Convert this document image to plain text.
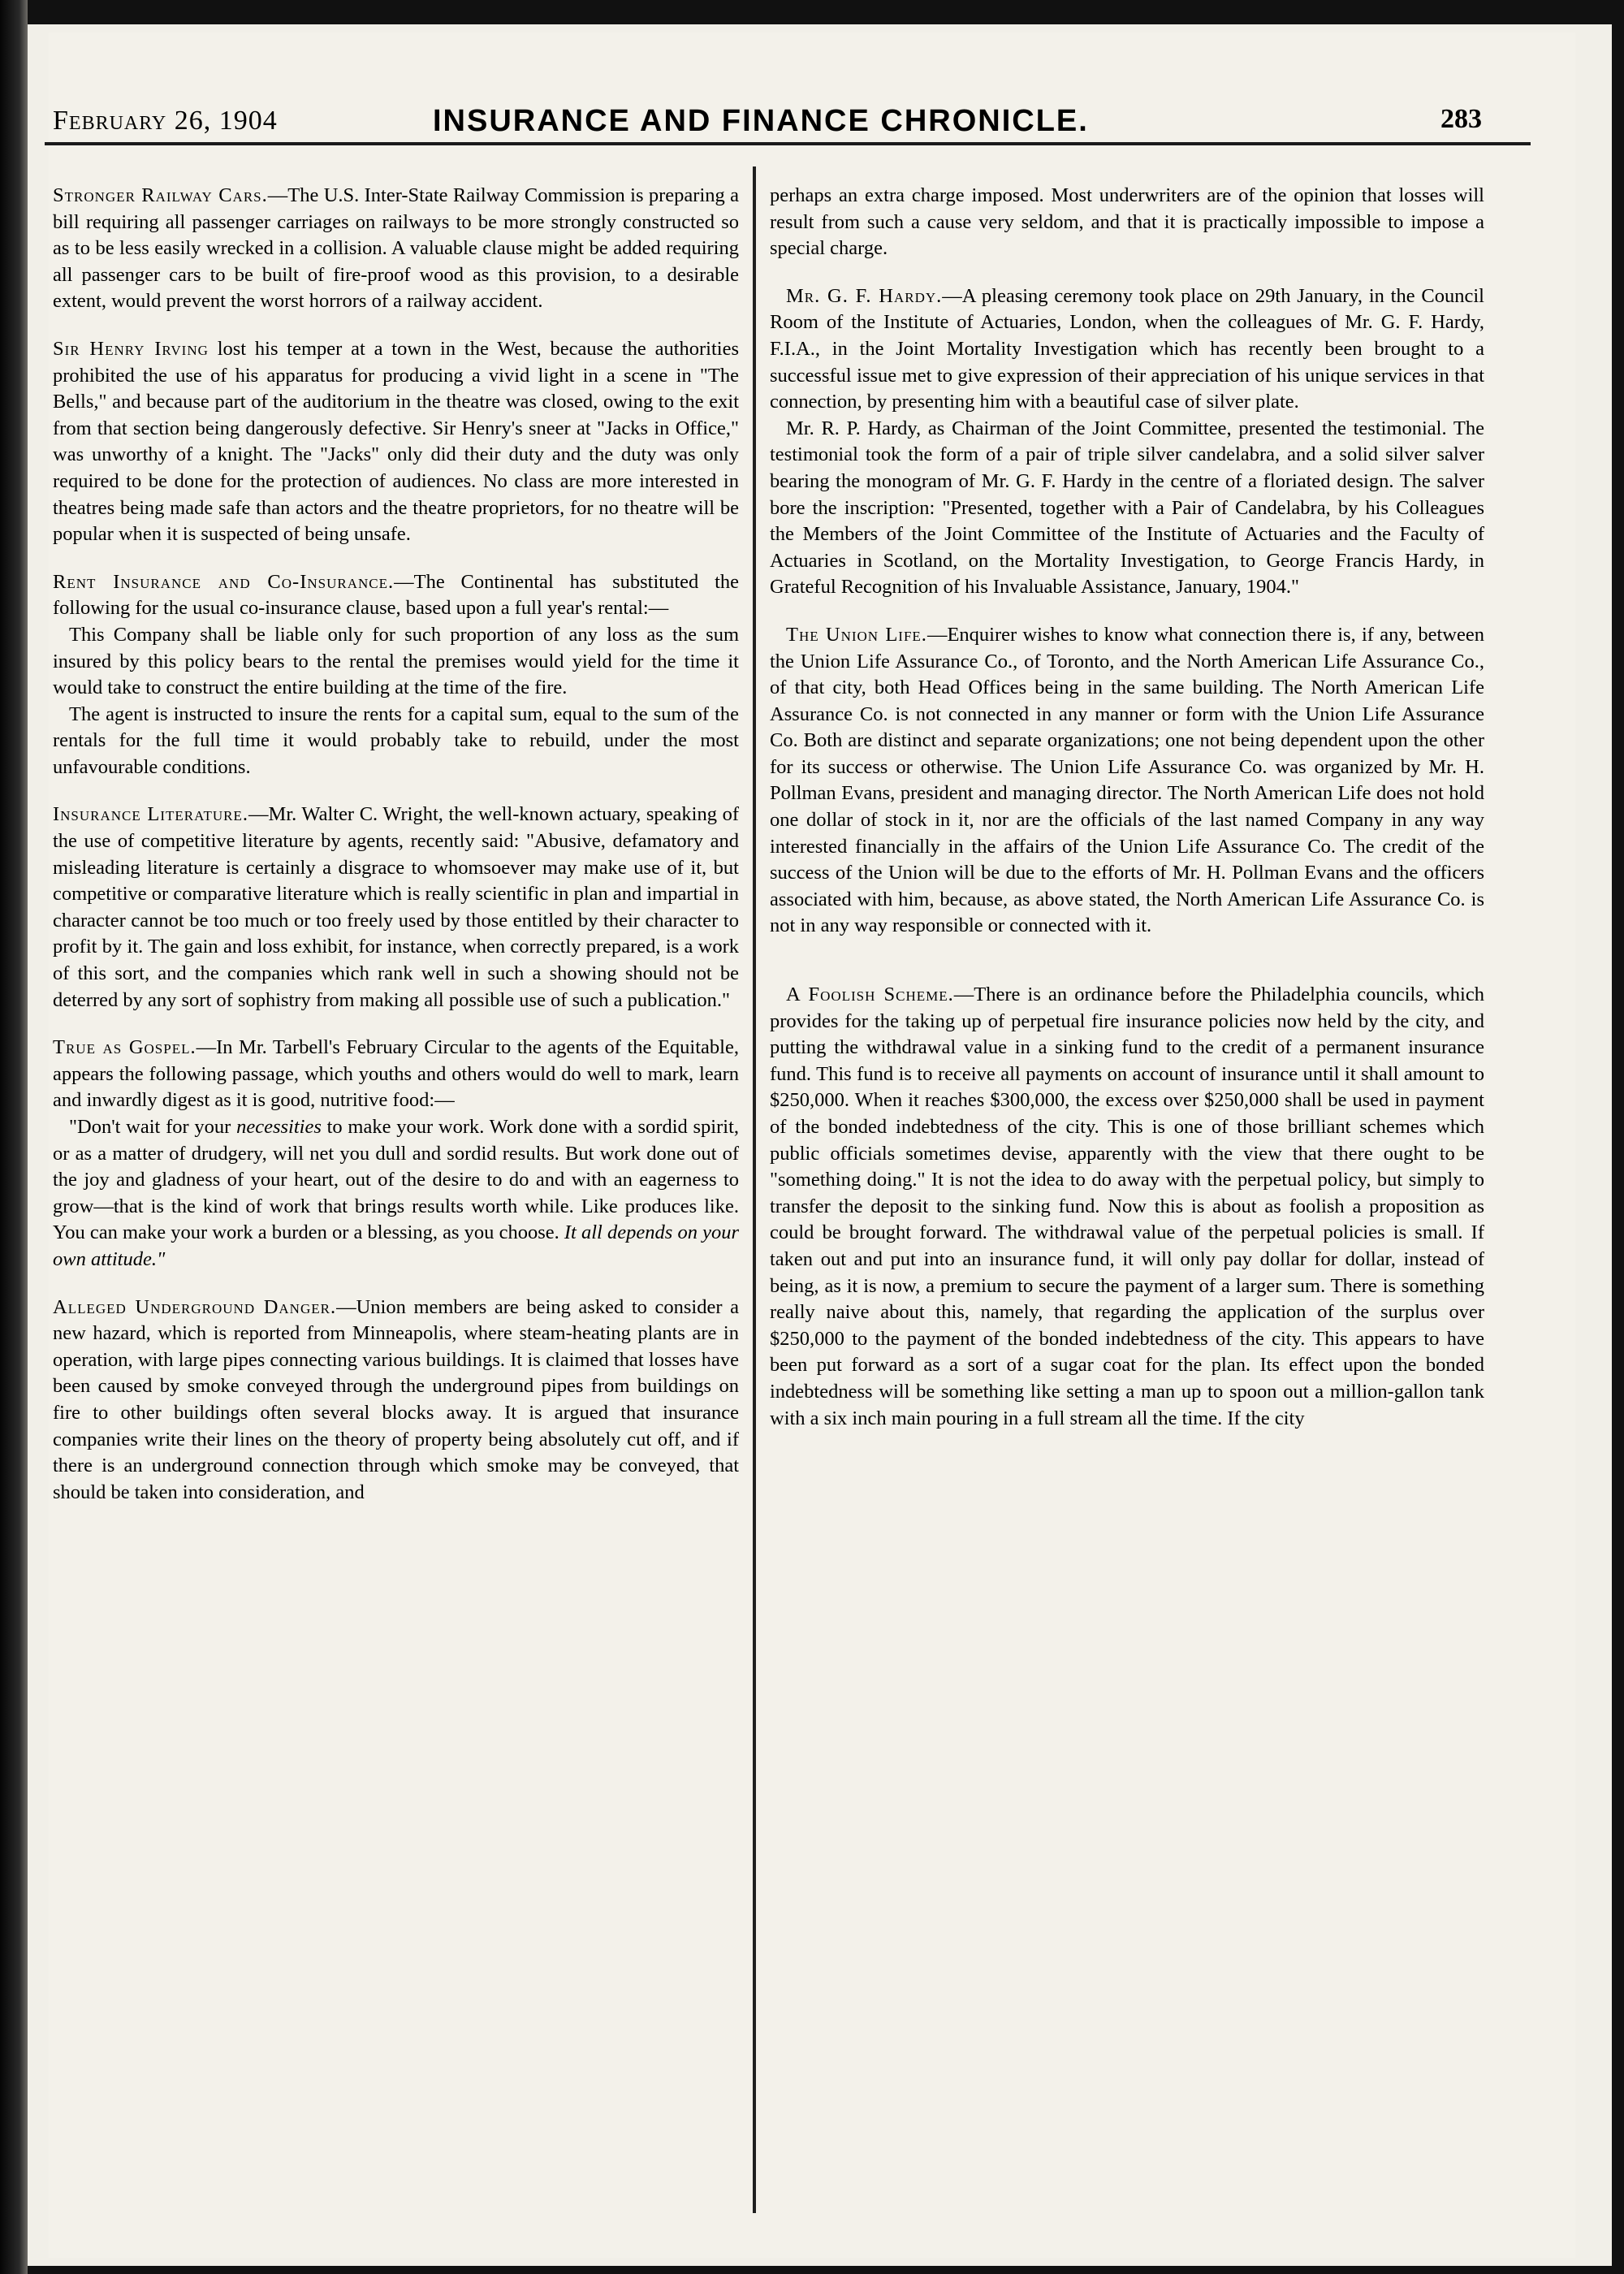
February 26, 1904	INSURANCE AND FINANCE CHRONICLE.	283

Stronger Railway Cars.—The U.S. Inter-State Railway Commission is preparing a bill requiring all passenger carriages on railways to be more strongly constructed so as to be less easily wrecked in a collision. A valuable clause might be added requiring all passenger cars to be built of fire-proof wood as this provision, to a desirable extent, would prevent the worst horrors of a railway accident.

Sir Henry Irving lost his temper at a town in the West, because the authorities prohibited the use of his apparatus for producing a vivid light in a scene in "The Bells," and because part of the auditorium in the theatre was closed, owing to the exit from that section being dangerously defective. Sir Henry's sneer at "Jacks in Office," was unworthy of a knight. The "Jacks" only did their duty and the duty was only required to be done for the protection of audiences. No class are more interested in theatres being made safe than actors and the theatre proprietors, for no theatre will be popular when it is suspected of being unsafe.

Rent Insurance and Co-Insurance.—The Continental has substituted the following for the usual co-insurance clause, based upon a full year's rental:—

This Company shall be liable only for such proportion of any loss as the sum insured by this policy bears to the rental the premises would yield for the time it would take to construct the entire building at the time of the fire.

The agent is instructed to insure the rents for a capital sum, equal to the sum of the rentals for the full time it would probably take to rebuild, under the most unfavourable conditions.

Insurance Literature.—Mr. Walter C. Wright, the well-known actuary, speaking of the use of competitive literature by agents, recently said: "Abusive, defamatory and misleading literature is certainly a disgrace to whomsoever may make use of it, but competitive or comparative literature which is really scientific in plan and impartial in character cannot be too much or too freely used by those entitled by their character to profit by it. The gain and loss exhibit, for instance, when correctly prepared, is a work of this sort, and the companies which rank well in such a showing should not be deterred by any sort of sophistry from making all possible use of such a publication."

True as Gospel.—In Mr. Tarbell's February Circular to the agents of the Equitable, appears the following passage, which youths and others would do well to mark, learn and inwardly digest as it is good, nutritive food:—

"Don't wait for your necessities to make your work. Work done with a sordid spirit, or as a matter of drudgery, will net you dull and sordid results. But work done out of the joy and gladness of your heart, out of the desire to do and with an eagerness to grow—that is the kind of work that brings results worth while. Like produces like. You can make your work a burden or a blessing, as you choose. It all depends on your own attitude."

Alleged Underground Danger.—Union members are being asked to consider a new hazard, which is reported from Minneapolis, where steam-heating plants are in operation, with large pipes connecting various buildings. It is claimed that losses have been caused by smoke conveyed through the underground pipes from buildings on fire to other buildings often several blocks away. It is argued that insurance companies write their lines on the theory of property being absolutely cut off, and if there is an underground connection through which smoke may be conveyed, that should be taken into consideration, and

perhaps an extra charge imposed. Most underwriters are of the opinion that losses will result from such a cause very seldom, and that it is practically impossible to impose a special charge.

Mr. G. F. Hardy.—A pleasing ceremony took place on 29th January, in the Council Room of the Institute of Actuaries, London, when the colleagues of Mr. G. F. Hardy, F.I.A., in the Joint Mortality Investigation which has recently been brought to a successful issue met to give expression of their appreciation of his unique services in that connection, by presenting him with a beautiful case of silver plate.

Mr. R. P. Hardy, as Chairman of the Joint Committee, presented the testimonial. The testimonial took the form of a pair of triple silver candelabra, and a solid silver salver bearing the monogram of Mr. G. F. Hardy in the centre of a floriated design. The salver bore the inscription: "Presented, together with a Pair of Candelabra, by his Colleagues the Members of the Joint Committee of the Institute of Actuaries and the Faculty of Actuaries in Scotland, on the Mortality Investigation, to George Francis Hardy, in Grateful Recognition of his Invaluable Assistance, January, 1904."

The Union Life.—Enquirer wishes to know what connection there is, if any, between the Union Life Assurance Co., of Toronto, and the North American Life Assurance Co., of that city, both Head Offices being in the same building. The North American Life Assurance Co. is not connected in any manner or form with the Union Life Assurance Co. Both are distinct and separate organizations; one not being dependent upon the other for its success or otherwise. The Union Life Assurance Co. was organized by Mr. H. Pollman Evans, president and managing director. The North American Life does not hold one dollar of stock in it, nor are the officials of the last named Company in any way interested financially in the affairs of the Union Life Assurance Co. The credit of the success of the Union will be due to the efforts of Mr. H. Pollman Evans and the officers associated with him, because, as above stated, the North American Life Assurance Co. is not in any way responsible or connected with it.

A Foolish Scheme.—There is an ordinance before the Philadelphia councils, which provides for the taking up of perpetual fire insurance policies now held by the city, and putting the withdrawal value in a sinking fund to the credit of a permanent insurance fund. This fund is to receive all payments on account of insurance until it shall amount to $250,000. When it reaches $300,000, the excess over $250,000 shall be used in payment of the bonded indebtedness of the city. This is one of those brilliant schemes which public officials sometimes devise, apparently with the view that there ought to be "something doing." It is not the idea to do away with the perpetual policy, but simply to transfer the deposit to the sinking fund. Now this is about as foolish a proposition as could be brought forward. The withdrawal value of the perpetual policies is small. If taken out and put into an insurance fund, it will only pay dollar for dollar, instead of being, as it is now, a premium to secure the payment of a larger sum. There is something really naive about this, namely, that regarding the application of the surplus over $250,000 to the payment of the bonded indebtedness of the city. This appears to have been put forward as a sort of a sugar coat for the plan. Its effect upon the bonded indebtedness will be something like setting a man up to spoon out a million-gallon tank with a six inch main pouring in a full stream all the time. If the city
